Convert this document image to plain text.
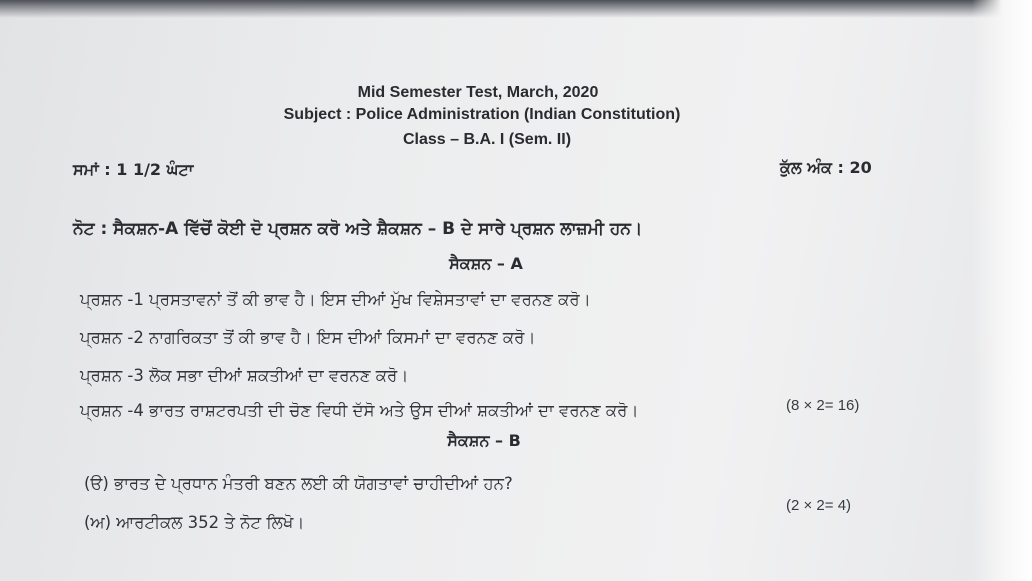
Mid Semester Test, March, 2020
Subject : Police Administration (Indian Constitution)
Class – B.A. I (Sem. II)
ਸਮਾਂ : 1 1/2 ਘੰਟਾ	ਕੁੱਲ ਅੰਕ : 20
ਨੋਟ : ਸੈਕਸ਼ਨ-A ਵਿੱਚੋਂ ਕੋਈ ਦੋ ਪ੍ਰਸ਼ਨ ਕਰੋ ਅਤੇ ਸ਼ੈਕਸ਼ਨ – B ਦੇ ਸਾਰੇ ਪ੍ਰਸ਼ਨ ਲਾਜ਼ਮੀ ਹਨ।
ਸੈਕਸ਼ਨ – A
ਪ੍ਰਸ਼ਨ -1 ਪ੍ਰਸਤਾਵਨਾਂ ਤੋਂ ਕੀ ਭਾਵ ਹੈ। ਇਸ ਦੀਆਂ ਮੁੱਖ ਵਿਸ਼ੇਸਤਾਵਾਂ ਦਾ ਵਰਨਣ ਕਰੋ।
ਪ੍ਰਸ਼ਨ -2 ਨਾਗਰਿਕਤਾ ਤੋਂ ਕੀ ਭਾਵ ਹੈ। ਇਸ ਦੀਆਂ ਕਿਸਮਾਂ ਦਾ ਵਰਨਣ ਕਰੋ।
ਪ੍ਰਸ਼ਨ -3 ਲੋਕ ਸਭਾ ਦੀਆਂ ਸ਼ਕਤੀਆਂ ਦਾ ਵਰਨਣ ਕਰੋ।
ਪ੍ਰਸ਼ਨ -4 ਭਾਰਤ ਰਾਸ਼ਟਰਪਤੀ ਦੀ ਚੋਣ ਵਿਧੀ ਦੱਸੋ ਅਤੇ ਉਸ ਦੀਆਂ ਸ਼ਕਤੀਆਂ ਦਾ ਵਰਨਣ ਕਰੋ।	(8 × 2= 16)
ਸੈਕਸ਼ਨ – B
(ੳ) ਭਾਰਤ ਦੇ ਪ੍ਰਧਾਨ ਮੰਤਰੀ ਬਣਨ ਲਈ ਕੀ ਯੋਗਤਾਵਾਂ ਚਾਹੀਦੀਆਂ ਹਨ?
(2 × 2= 4)
(ਅ) ਆਰਟੀਕਲ 352 ਤੇ ਨੋਟ ਲਿਖੋ।
